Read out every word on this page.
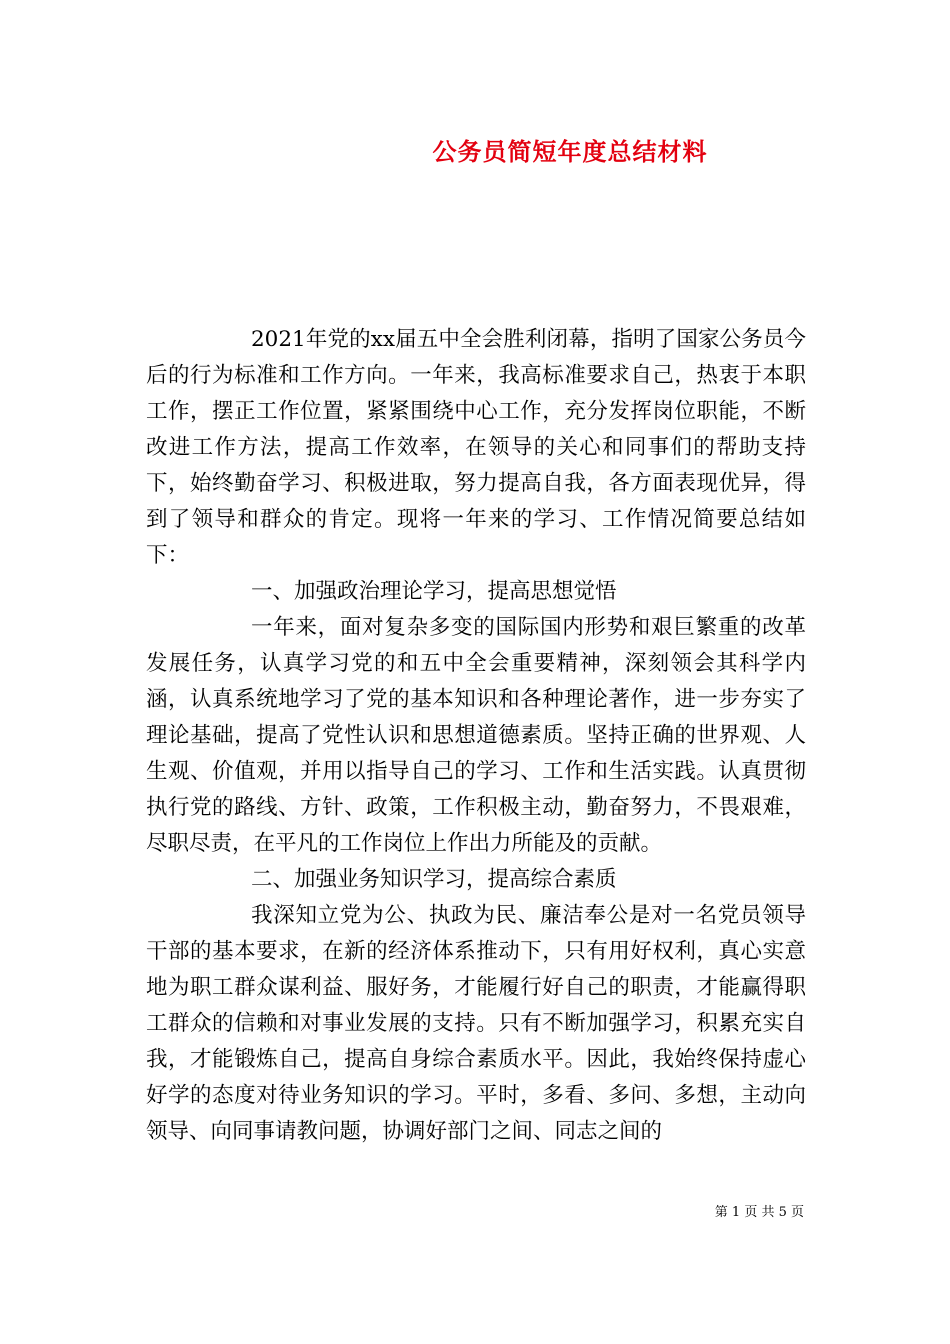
公务员简短年度总结材料

2021年党的xx届五中全会胜利闭幕，指明了国家公务员今后的行为标准和工作方向。一年来，我高标准要求自己，热衷于本职工作，摆正工作位置，紧紧围绕中心工作，充分发挥岗位职能，不断改进工作方法，提高工作效率，在领导的关心和同事们的帮助支持下，始终勤奋学习、积极进取，努力提高自我，各方面表现优异，得到了领导和群众的肯定。现将一年来的学习、工作情况简要总结如下：

一、加强政治理论学习，提高思想觉悟

一年来，面对复杂多变的国际国内形势和艰巨繁重的改革发展任务，认真学习党的和五中全会重要精神，深刻领会其科学内涵，认真系统地学习了党的基本知识和各种理论著作，进一步夯实了理论基础，提高了党性认识和思想道德素质。坚持正确的世界观、人生观、价值观，并用以指导自己的学习、工作和生活实践。认真贯彻执行党的路线、方针、政策，工作积极主动，勤奋努力，不畏艰难，尽职尽责，在平凡的工作岗位上作出力所能及的贡献。

二、加强业务知识学习，提高综合素质

我深知立党为公、执政为民、廉洁奉公是对一名党员领导干部的基本要求，在新的经济体系推动下，只有用好权利，真心实意地为职工群众谋利益、服好务，才能履行好自己的职责，才能赢得职工群众的信赖和对事业发展的支持。只有不断加强学习，积累充实自我，才能锻炼自己，提高自身综合素质水平。因此，我始终保持虚心好学的态度对待业务知识的学习。平时，多看、多问、多想，主动向领导、向同事请教问题，协调好部门之间、同志之间的

第 1 页 共 5 页
